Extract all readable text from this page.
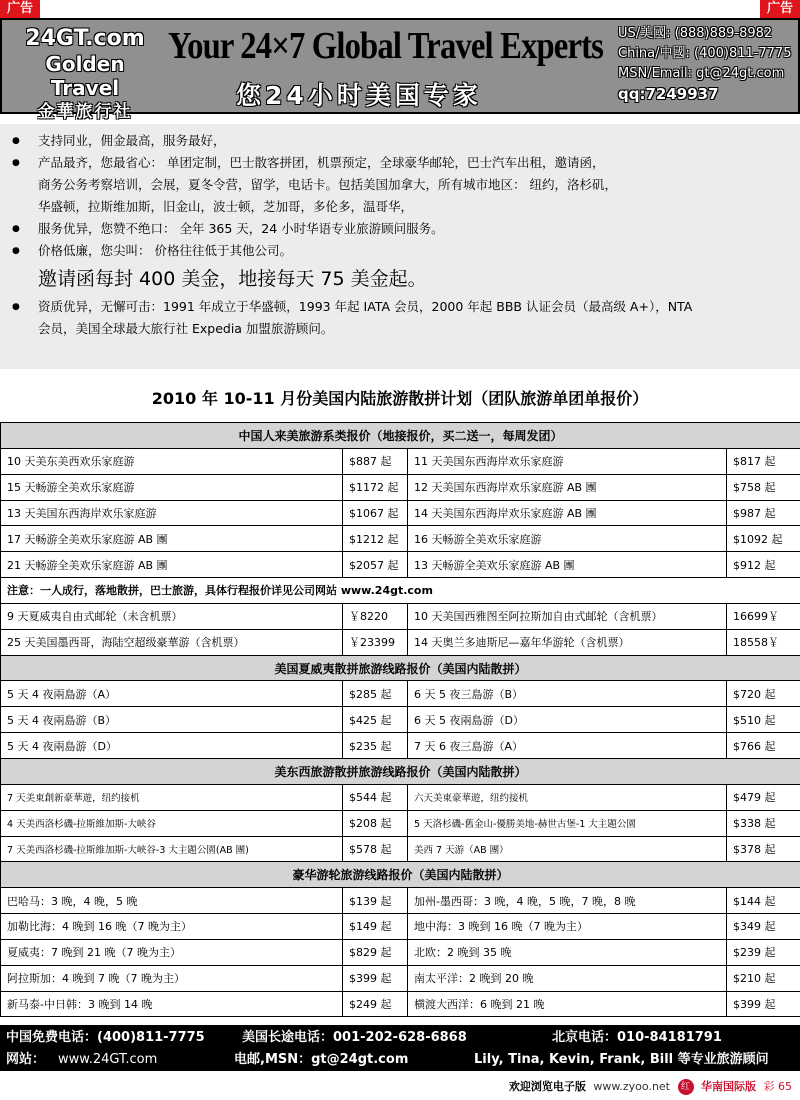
广告	广告
24GT.com
Golden Travel
金華旅行社
Your 24×7 Global Travel Experts
您24小时美国专家
US/美國: (888)889-8982
China/中國: (400)811-7775
MSN/Email: gt@24gt.com
qq:7249937
● 支持同业，佣金最高，服务最好，
● 产品最齐，您最省心： 单团定制，巴士散客拼团，机票预定，全球豪华邮轮，巴士汽车出租，邀请函，
商务公务考察培训，会展，夏冬令营，留学，电话卡。包括美国加拿大，所有城市地区： 纽约，洛杉矶，
华盛顿，拉斯维加斯，旧金山，波士顿，芝加哥，多伦多，温哥华，
● 服务优异，您赞不绝口： 全年 365 天，24 小时华语专业旅游顾问服务。
● 价格低廉，您尖叫： 价格往往低于其他公司。
邀请函每封 400 美金，地接每天 75 美金起。
● 资质优异，无懈可击：1991 年成立于华盛顿，1993 年起 IATA 会员，2000 年起 BBB 认证会员（最高级 A+），NTA
会员，美国全球最大旅行社 Expedia 加盟旅游顾问。
2010 年 10-11 月份美国内陆旅游散拼计划（团队旅游单团单报价）
中国人来美旅游系类报价（地接报价，买二送一，每周发团）			
10 天美东美西欢乐家庭游	$887 起	11 天美国东西海岸欢乐家庭游	$817 起
15 天畅游全美欢乐家庭游	$1172 起	12 天美国东西海岸欢乐家庭游 AB 團	$758 起
13 天美国东西海岸欢乐家庭游	$1067 起	14 天美国东西海岸欢乐家庭游 AB 團	$987 起
17 天畅游全美欢乐家庭游 AB 團	$1212 起	16 天畅游全美欢乐家庭游	$1092 起
21 天畅游全美欢乐家庭游 AB 團	$2057 起	13 天畅游全美欢乐家庭游 AB 團	$912 起
注意：一人成行，落地散拼，巴士旅游，具体行程报价详见公司网站 www.24gt.com			
9 天夏威夷自由式邮轮（未含机票）	￥8220	10 天美国西雅图至阿拉斯加自由式邮轮（含机票）	16699￥
25 天美国墨西哥，海陆空超级豪華游（含机票）	￥23399	14 天奥兰多迪斯尼—嘉年华游轮（含机票）	18558￥
美国夏威夷散拼旅游线路报价（美国内陆散拼）			
5 天 4 夜兩島游（A）	$285 起	6 天 5 夜三島游（B）	$720 起
5 天 4 夜兩島游（B）	$425 起	6 天 5 夜兩島游（D）	$510 起
5 天 4 夜兩島游（D）	$235 起	7 天 6 夜三島游（A）	$766 起
美东西旅游散拼旅游线路报价（美国内陆散拼）			
7 天美東創新豪華遊，纽约接机	$544 起	六天美東豪華遊，纽约接机	$479 起
4 天美西洛杉磯-拉斯維加斯-大峡谷	$208 起	5 天洛杉磯-舊金山-優勝美地-赫世古堡-1 大主題公園	$338 起
7 天美西洛杉磯-拉斯維加斯-大峡谷-3 大主題公園(AB 團)	$578 起	美西 7 天游（AB 團）	$378 起
豪华游轮旅游线路报价（美国内陆散拼）			
巴哈马：3 晚，4 晚，5 晚	$139 起	加州-墨西哥：3 晚，4 晚，5 晚，7 晚，8 晚	$144 起
加勒比海：4 晚到 16 晚（7 晚为主）	$149 起	地中海：3 晚到 16 晚（7 晚为主）	$349 起
夏威夷：7 晚到 21 晚（7 晚为主）	$829 起	北欧：2 晚到 35 晚	$239 起
阿拉斯加：4 晚到 7 晚（7 晚为主）	$399 起	南太平洋：2 晚到 20 晚	$210 起
新马泰-中日韩：3 晚到 14 晚	$249 起	横渡大西洋：6 晚到 21 晚	$399 起
中国免费电话：(400)811-7775	美国长途电话：001-202-628-6868	北京电话：010-84181791
网站： www.24GT.com	电邮,MSN：gt@24gt.com	Lily, Tina, Kevin, Frank, Bill 等专业旅游顾问
欢迎浏览电子版 www.zyoo.net 红 华南国际版 彩 65
